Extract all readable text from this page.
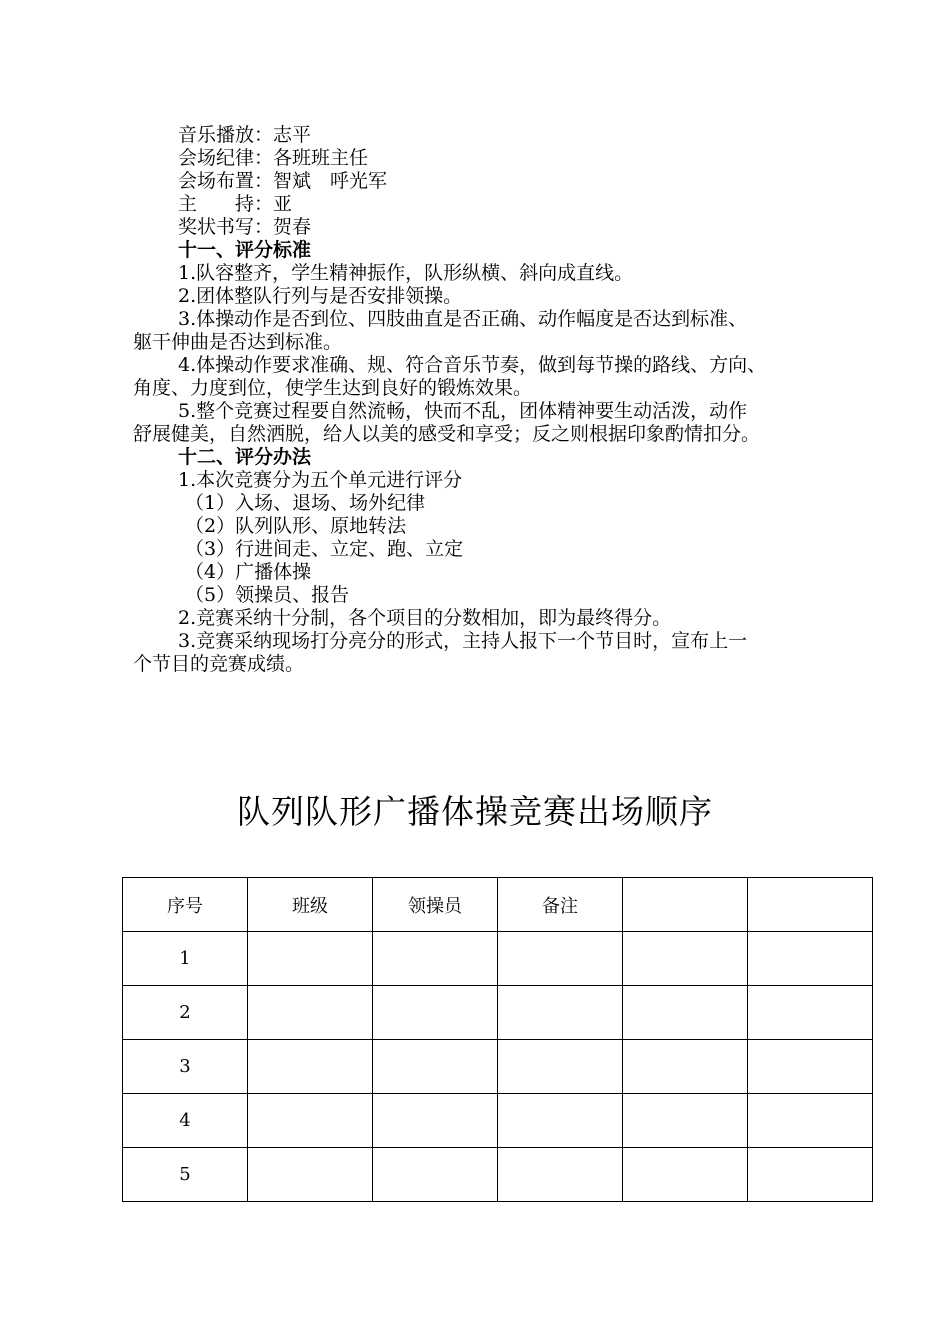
音乐播放：志平
会场纪律：各班班主任
会场布置：智斌　呼光军
主　　持：亚
奖状书写：贺春
十一、评分标准
1.队容整齐，学生精神振作，队形纵横、斜向成直线。
2.团体整队行列与是否安排领操。
3.体操动作是否到位、四肢曲直是否正确、动作幅度是否达到标准、
躯干伸曲是否达到标准。
4.体操动作要求准确、规、符合音乐节奏，做到每节操的路线、方向、
角度、力度到位，使学生达到良好的锻炼效果。
5.整个竞赛过程要自然流畅，快而不乱，团体精神要生动活泼，动作
舒展健美，自然洒脱，给人以美的感受和享受；反之则根据印象酌情扣分。
十二、评分办法
1.本次竞赛分为五个单元进行评分
（1）入场、退场、场外纪律
（2）队列队形、原地转法
（3）行进间走、立定、跑、立定
（4）广播体操
（5）领操员、报告
2.竞赛采纳十分制，各个项目的分数相加，即为最终得分。
3.竞赛采纳现场打分亮分的形式，主持人报下一个节目时，宣布上一
个节目的竞赛成绩。
队列队形广播体操竞赛出场顺序
序号	班级	领操员	备注		
1					
2					
3					
4					
5					
